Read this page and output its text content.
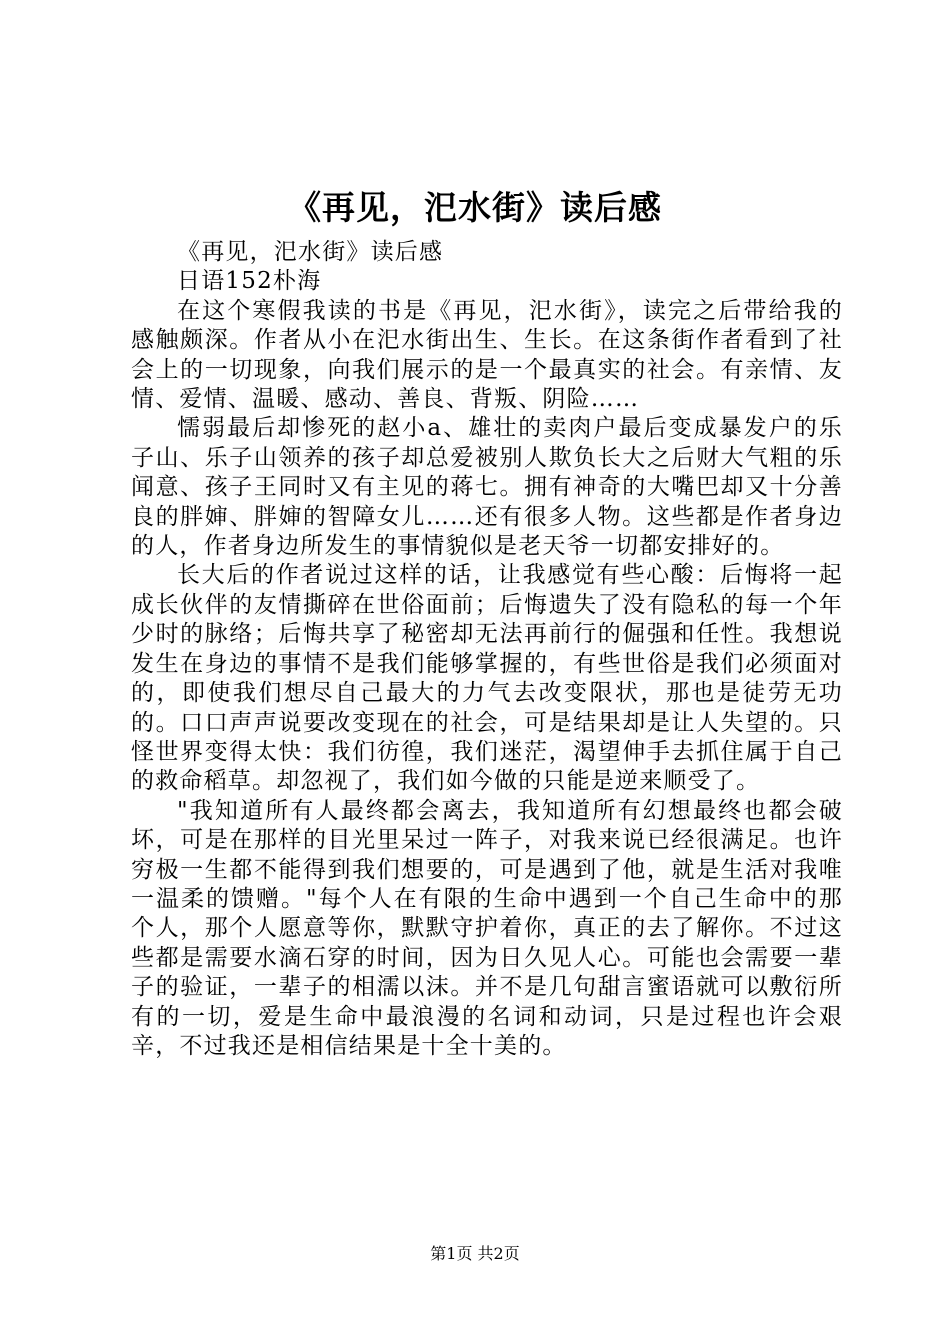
《再见，汜水街》读后感

《再见，汜水街》读后感

日语152朴海

在这个寒假我读的书是《再见，汜水街》，读完之后带给我的感触颇深。作者从小在汜水街出生、生长。在这条街作者看到了社会上的一切现象，向我们展示的是一个最真实的社会。有亲情、友情、爱情、温暖、感动、善良、背叛、阴险……

懦弱最后却惨死的赵小a、雄壮的卖肉户最后变成暴发户的乐子山、乐子山领养的孩子却总爱被别人欺负长大之后财大气粗的乐闻意、孩子王同时又有主见的蒋七。拥有神奇的大嘴巴却又十分善良的胖婶、胖婶的智障女儿……还有很多人物。这些都是作者身边的人，作者身边所发生的事情貌似是老天爷一切都安排好的。

长大后的作者说过这样的话，让我感觉有些心酸：后悔将一起成长伙伴的友情撕碎在世俗面前；后悔遗失了没有隐私的每一个年少时的脉络；后悔共享了秘密却无法再前行的倔强和任性。我想说发生在身边的事情不是我们能够掌握的，有些世俗是我们必须面对的，即使我们想尽自己最大的力气去改变限状，那也是徒劳无功的。口口声声说要改变现在的社会，可是结果却是让人失望的。只怪世界变得太快：我们彷徨，我们迷茫，渴望伸手去抓住属于自己的救命稻草。却忽视了，我们如今做的只能是逆来顺受了。

"我知道所有人最终都会离去，我知道所有幻想最终也都会破坏，可是在那样的目光里呆过一阵子，对我来说已经很满足。也许穷极一生都不能得到我们想要的，可是遇到了他，就是生活对我唯一温柔的馈赠。"每个人在有限的生命中遇到一个自己生命中的那个人，那个人愿意等你，默默守护着你，真正的去了解你。不过这些都是需要水滴石穿的时间，因为日久见人心。可能也会需要一辈子的验证，一辈子的相濡以沫。并不是几句甜言蜜语就可以敷衍所有的一切，爱是生命中最浪漫的名词和动词，只是过程也许会艰辛，不过我还是相信结果是十全十美的。

第1页 共2页
